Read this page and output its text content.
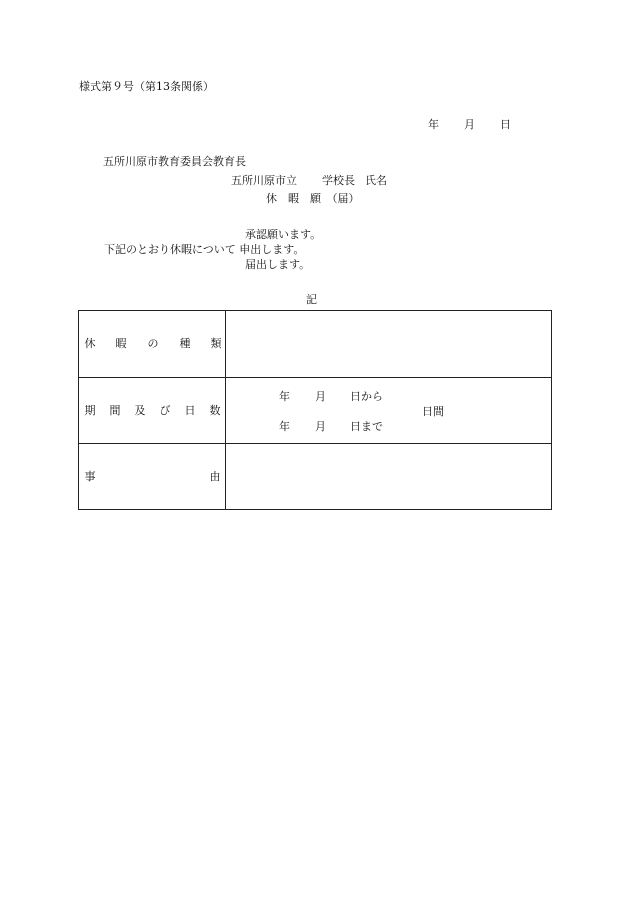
様式第９号（第13条関係）
年 月 日
五所川原市教育委員会教育長
五所川原市立 学校長 氏名
休　暇　願　（届）
承認願います。
下記のとおり休暇について 申出します。
届出します。
記
休 暇 の 種 類
期 間 及 び 日 数
年 月 日から
日間
年 月 日まで
事	由
